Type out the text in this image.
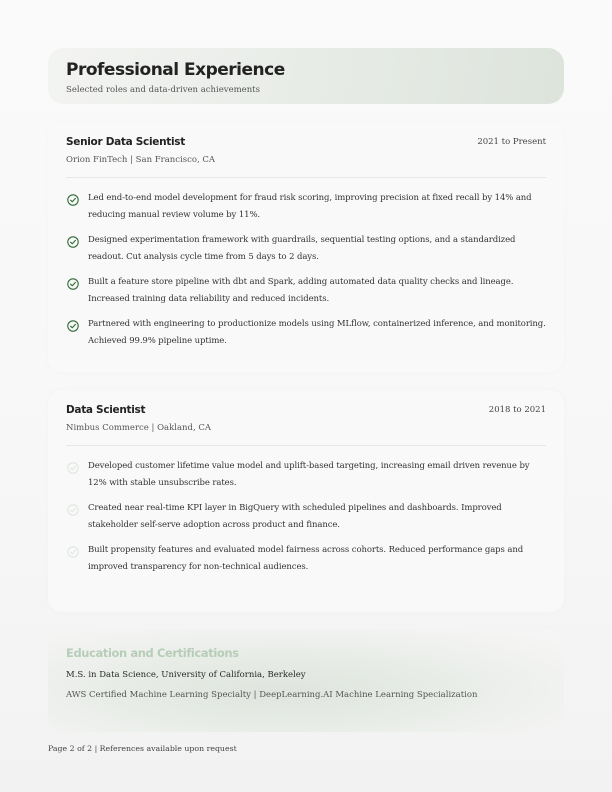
Professional Experience
Selected roles and data-driven achievements
Senior Data Scientist	2021 to Present
Orion FinTech | San Francisco, CA
Led end-to-end model development for fraud risk scoring, improving precision at fixed recall by 14% and reducing manual review volume by 11%.
Designed experimentation framework with guardrails, sequential testing options, and a standardized readout. Cut analysis cycle time from 5 days to 2 days.
Built a feature store pipeline with dbt and Spark, adding automated data quality checks and lineage. Increased training data reliability and reduced incidents.
Partnered with engineering to productionize models using MLflow, containerized inference, and monitoring. Achieved 99.9% pipeline uptime.
Data Scientist	2018 to 2021
Nimbus Commerce | Oakland, CA
Developed customer lifetime value model and uplift-based targeting, increasing email driven revenue by 12% with stable unsubscribe rates.
Created near real-time KPI layer in BigQuery with scheduled pipelines and dashboards. Improved stakeholder self-serve adoption across product and finance.
Built propensity features and evaluated model fairness across cohorts. Reduced performance gaps and improved transparency for non-technical audiences.
Education and Certifications
M.S. in Data Science, University of California, Berkeley
AWS Certified Machine Learning Specialty | DeepLearning.AI Machine Learning Specialization
Page 2 of 2 | References available upon request
